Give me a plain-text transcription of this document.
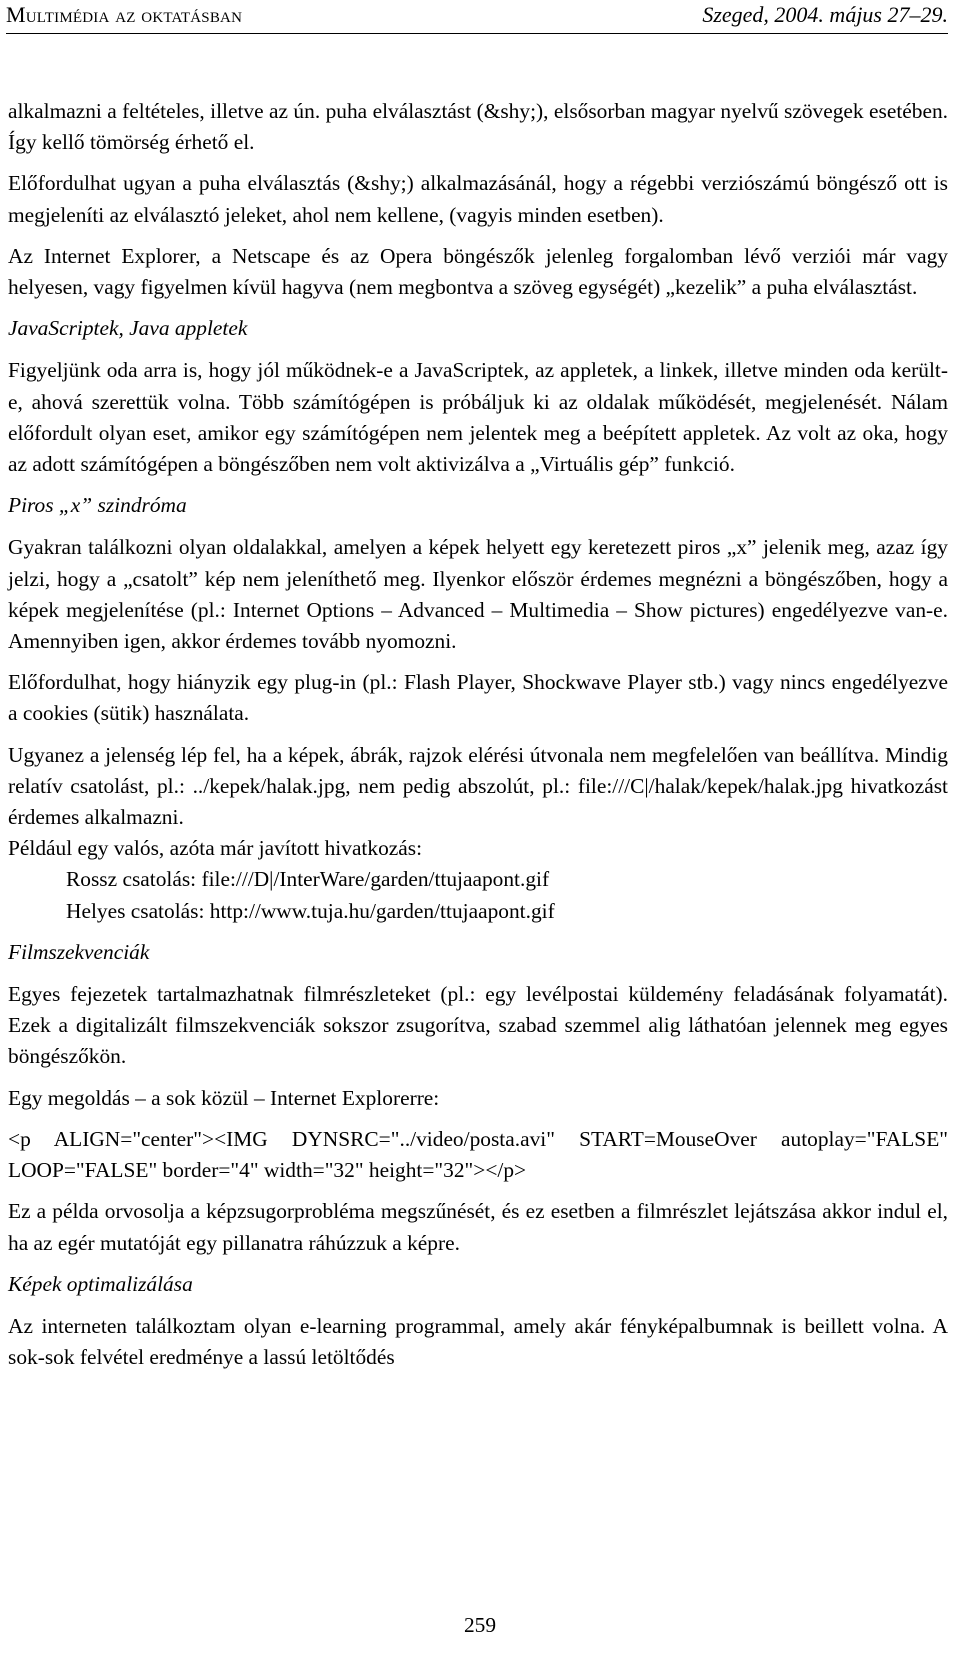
Multimédia az oktatásban	Szeged, 2004. május 27–29.

alkalmazni a feltételes, illetve az ún. puha elválasztást (&shy;), elsősorban magyar nyelvű szövegek esetében. Így kellő tömörség érhető el.

Előfordulhat ugyan a puha elválasztás (&shy;) alkalmazásánál, hogy a régebbi verziószámú böngésző ott is megjeleníti az elválasztó jeleket, ahol nem kellene, (vagyis minden esetben).

Az Internet Explorer, a Netscape és az Opera böngészők jelenleg forgalomban lévő verziói már vagy helyesen, vagy figyelmen kívül hagyva (nem megbontva a szöveg egységét) „kezelik” a puha elválasztást.

JavaScriptek, Java appletek

Figyeljünk oda arra is, hogy jól működnek-e a JavaScriptek, az appletek, a linkek, illetve minden oda került-e, ahová szerettük volna. Több számítógépen is próbáljuk ki az oldalak működését, megjelenését. Nálam előfordult olyan eset, amikor egy számítógépen nem jelentek meg a beépített appletek. Az volt az oka, hogy az adott számítógépen a böngészőben nem volt aktivizálva a „Virtuális gép” funkció.

Piros „x” szindróma

Gyakran találkozni olyan oldalakkal, amelyen a képek helyett egy keretezett piros „x” jelenik meg, azaz így jelzi, hogy a „csatolt” kép nem jeleníthető meg. Ilyenkor először érdemes megnézni a böngészőben, hogy a képek megjelenítése (pl.: Internet Options – Advanced – Multimedia – Show pictures) engedélyezve van-e. Amennyiben igen, akkor érdemes tovább nyomozni.

Előfordulhat, hogy hiányzik egy plug-in (pl.: Flash Player, Shockwave Player stb.) vagy nincs engedélyezve a cookies (sütik) használata.

Ugyanez a jelenség lép fel, ha a képek, ábrák, rajzok elérési útvonala nem megfelelően van beállítva. Mindig relatív csatolást, pl.: ../kepek/halak.jpg, nem pedig abszolút, pl.: file:///C|/halak/kepek/halak.jpg hivatkozást érdemes alkalmazni.

Például egy valós, azóta már javított hivatkozás:

Rossz csatolás: file:///D|/InterWare/garden/ttujaapont.gif

Helyes csatolás: http://www.tuja.hu/garden/ttujaapont.gif

Filmszekvenciák

Egyes fejezetek tartalmazhatnak filmrészleteket (pl.: egy levélpostai küldemény feladásának folyamatát). Ezek a digitalizált filmszekvenciák sokszor zsugorítva, szabad szemmel alig láthatóan jelennek meg egyes böngészőkön.

Egy megoldás – a sok közül – Internet Explorerre:

<p ALIGN="center"><IMG DYNSRC="../video/posta.avi" START=MouseOver autoplay="FALSE" LOOP="FALSE" border="4" width="32" height="32"></p>

Ez a példa orvosolja a képzsugorprobléma megszűnését, és ez esetben a filmrészlet lejátszása akkor indul el, ha az egér mutatóját egy pillanatra ráhúzzuk a képre.

Képek optimalizálása

Az interneten találkoztam olyan e-learning programmal, amely akár fényképalbumnak is beillett volna. A sok-sok felvétel eredménye a lassú letöltődés

259
